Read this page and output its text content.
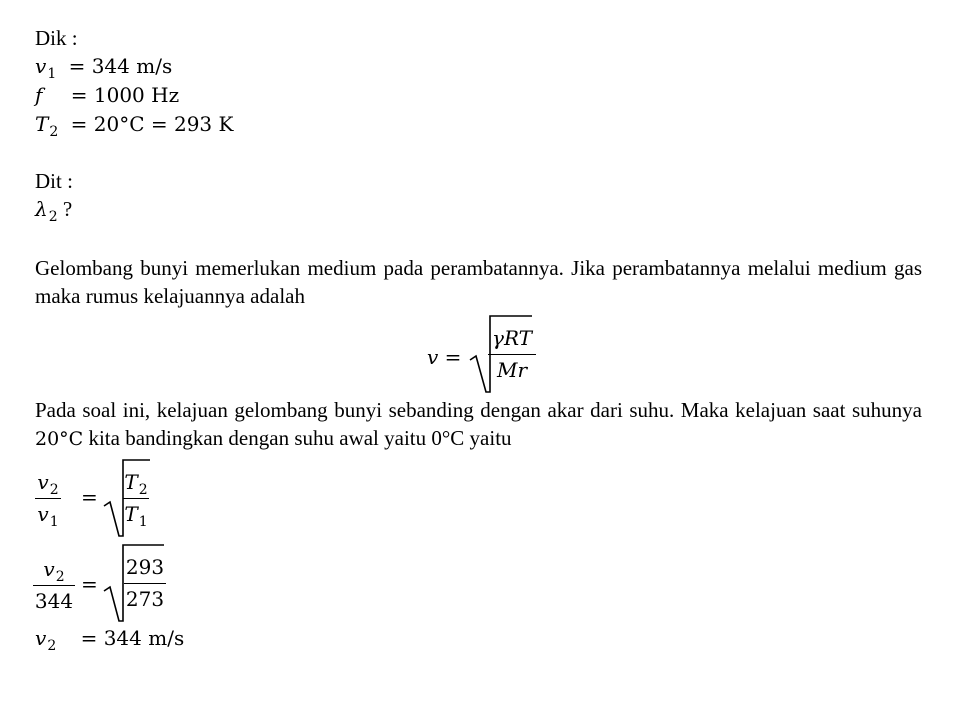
Dik :
$v_1 = 344$ m/s
f = 1000 Hz
$T_2 = 20^\circ C = 293$ K
Dit :
$\lambda_2$ ?
Gelombang bunyi memerlukan medium pada perambatannya. Jika perambatannya melalui medium gas maka rumus kelajuannya adalah
v =
γRT
Mr
Pada soal ini, kelajuan gelombang bunyi sebanding dengan akar dari suhu. Maka kelajuan saat suhunya 20°C kita bandingkan dengan suhu awal yaitu 0°C yaitu
$v_2$
$v_1$
=
$T_2$
$T_1$
$v_2$
344
=
293
273
$v_2 = 344$ m/s
